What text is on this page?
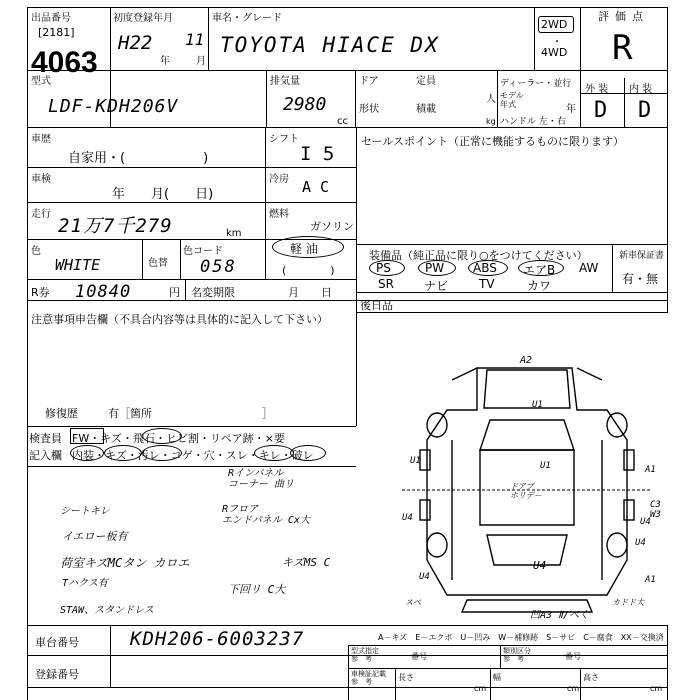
出品番号
[2181]
4063
初度登録年月
H22
年
11
月
車名・グレード
TOYOTA HIACE DX
2WD
・
4WD
評価点
R
型式
LDF-KDH206V
排気量
2980
cc
ドア
形状
定員
人
積載
kg
ディーラー・並行
モデル年式	年
ハンドル 左・右
外 装 内 装
D D
車歴
自家用・(　　　　　　)
シフト
I 5
セールスポイント（正常に機能するものに限ります）
車検
年　　月(　　日)
冷房 A C
走行
21万7千279	km
燃料
ガソリン
軽 油
(　　　　)
色
WHITE	色替
色コード
058
装備品（純正品に限り○をつけてください）	新車保証書
有・無
PS	PW ABS エアB AW
SR	ナビ	TV	カワ
R券 10840	円 名変期限	月　　日
後日品
注意事項申告欄（不具合内容等は具体的に記入して下さい）
修復歴	有［箇所　　　　　　　　　　］
検査員
記入欄
FW・キズ・飛石・ヒビ割・リペア跡・×要
内装・キズ・汚レ・コゲ・穴・スレ・キレ・破レ
Rインパネル
コーナー 曲リ
シートキレ	Rフロア
エンドパネル Cx大
イエロー板有
荷室キズMCタン カロエ	キズMS C
Tハクス有	下回リ C大
STAW、スタンドレス
A2
U1
U1
A1
C3
W3
U4
U1
U4
U4	A1
スベ	カドド大
U4
ドアブ
ホリデー
U4
凹A3 Ⅱ/ベく
車台番号	KDH206-6003237
登録番号
A－キズ　E－エクボ　U－凹み　W－補修跡　S－サビ　C－腐食　XX－交換済
型式指定
参　考
類別区分
参　考
番号	番号
車検証記載
参　考	長さ
cm
幅
cm
高さ
cm
